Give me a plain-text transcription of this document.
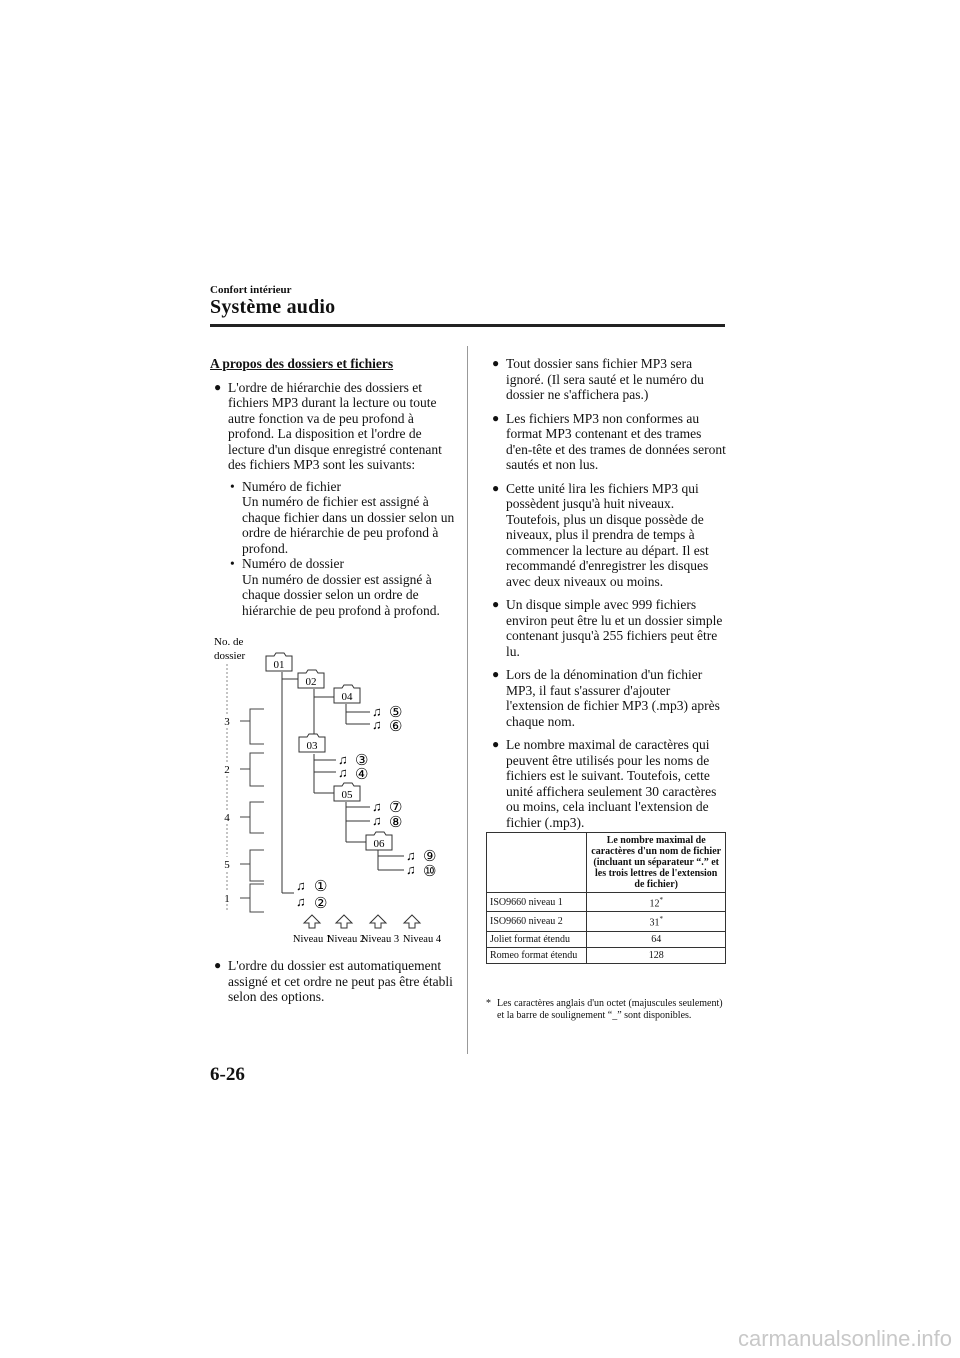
Confort intérieur
Système audio
A propos des dossiers et fichiers
● L'ordre de hiérarchie des dossiers et fichiers MP3 durant la lecture ou toute autre fonction va de peu profond à profond. La disposition et l'ordre de lecture d'un disque enregistré contenant des fichiers MP3 sont les suivants:
• Numéro de fichier
Un numéro de fichier est assigné à chaque fichier dans un dossier selon un ordre de hiérarchie de peu profond à profond.
• Numéro de dossier
Un numéro de dossier est assigné à chaque dossier selon un ordre de hiérarchie de peu profond à profond.
No. de
dossier
3
2
4
5
1
01
02
04
03
05
06
♫ ⑤
♫ ⑥
♫ ③
♫ ④
♫ ⑦
♫ ⑧
♫ ⑨
♫ ⑩
♫ ①
♫ ②
Niveau 1
Niveau 2
Niveau 3 Niveau 4
● L'ordre du dossier est automatiquement assigné et cet ordre ne peut pas être établi selon des options.
● Tout dossier sans fichier MP3 sera ignoré. (Il sera sauté et le numéro du dossier ne s'affichera pas.)
● Les fichiers MP3 non conformes au format MP3 contenant et des trames d'en-tête et des trames de données seront sautés et non lus.
● Cette unité lira les fichiers MP3 qui possèdent jusqu'à huit niveaux. Toutefois, plus un disque possède de niveaux, plus il prendra de temps à commencer la lecture au départ. Il est recommandé d'enregistrer les disques avec deux niveaux ou moins.
● Un disque simple avec 999 fichiers environ peut être lu et un dossier simple contenant jusqu'à 255 fichiers peut être lu.
● Lors de la dénomination d'un fichier MP3, il faut s'assurer d'ajouter l'extension de fichier MP3 (.mp3) après chaque nom.
● Le nombre maximal de caractères qui peuvent être utilisés pour les noms de fichiers est le suivant. Toutefois, cette unité affichera seulement 30 caractères ou moins, cela incluant l'extension de fichier (.mp3).
	Le nombre maximal de caractères d'un nom de fichier (incluant un séparateur “.” et les trois lettres de l'extension de fichier)
ISO9660 niveau 1	12*
ISO9660 niveau 2	31*
Joliet format étendu	64
Romeo format étendu	128
* Les caractères anglais d'un octet (majuscules seulement) et la barre de soulignement “_” sont disponibles.
6-26
carmanualsonline.info
